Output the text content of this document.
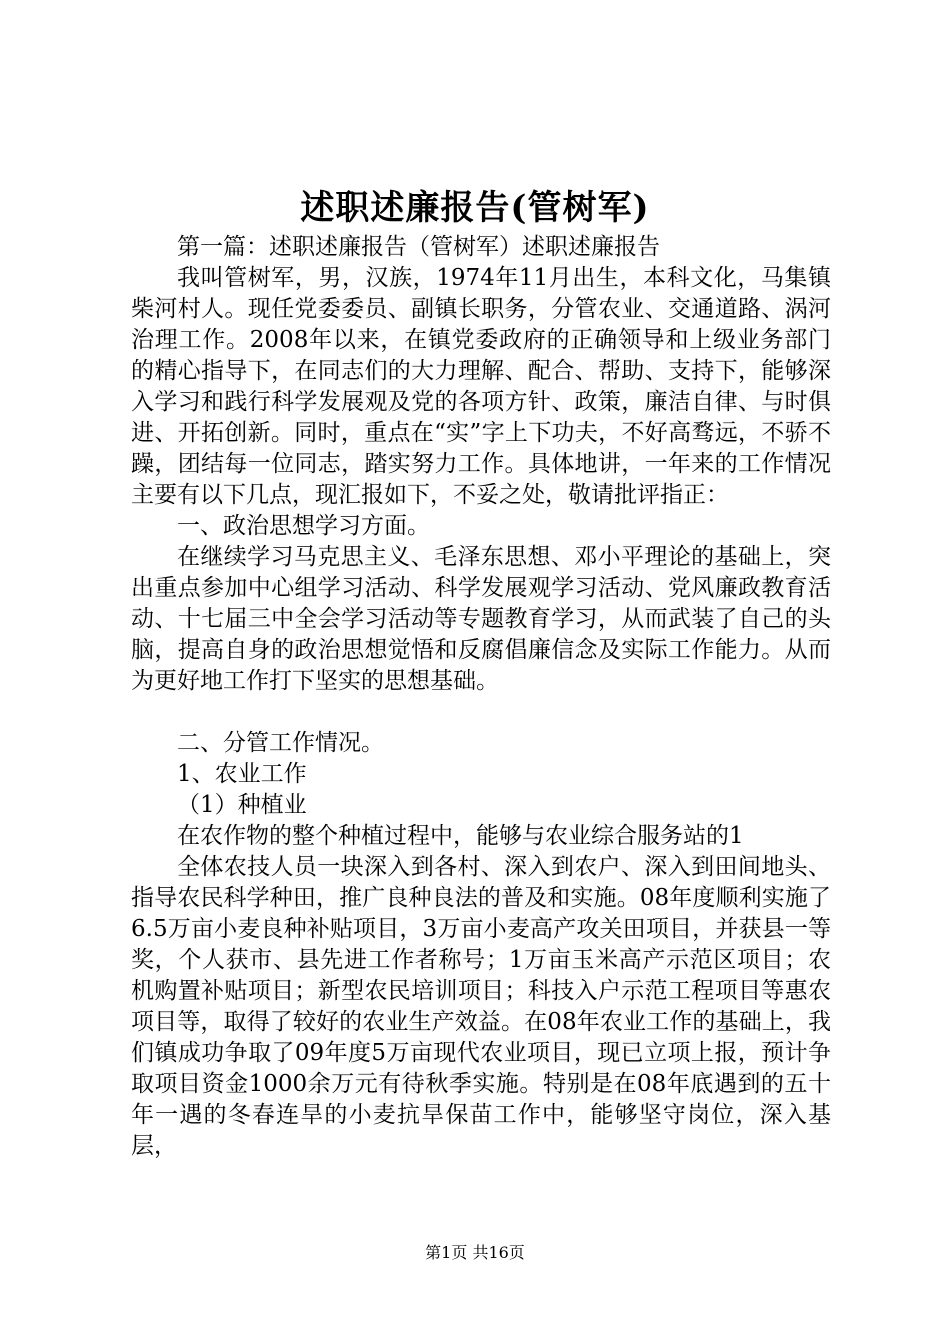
述职述廉报告(管树军)

第一篇：述职述廉报告（管树军）述职述廉报告

我叫管树军，男，汉族，1974年11月出生，本科文化，马集镇柴河村人。现任党委委员、副镇长职务，分管农业、交通道路、涡河治理工作。2008年以来，在镇党委政府的正确领导和上级业务部门的精心指导下，在同志们的大力理解、配合、帮助、支持下，能够深入学习和践行科学发展观及党的各项方针、政策，廉洁自律、与时俱进、开拓创新。同时，重点在“实”字上下功夫，不好高骛远，不骄不躁，团结每一位同志，踏实努力工作。具体地讲，一年来的工作情况主要有以下几点，现汇报如下，不妥之处，敬请批评指正：

一、政治思想学习方面。

在继续学习马克思主义、毛泽东思想、邓小平理论的基础上，突出重点参加中心组学习活动、科学发展观学习活动、党风廉政教育活动、十七届三中全会学习活动等专题教育学习，从而武装了自己的头脑，提高自身的政治思想觉悟和反腐倡廉信念及实际工作能力。从而为更好地工作打下坚实的思想基础。

二、分管工作情况。

1、农业工作

（1）种植业

在农作物的整个种植过程中，能够与农业综合服务站的1

全体农技人员一块深入到各村、深入到农户、深入到田间地头、指导农民科学种田，推广良种良法的普及和实施。08年度顺利实施了6.5万亩小麦良种补贴项目，3万亩小麦高产攻关田项目，并获县一等奖，个人获市、县先进工作者称号；1万亩玉米高产示范区项目；农机购置补贴项目；新型农民培训项目；科技入户示范工程项目等惠农项目等，取得了较好的农业生产效益。在08年农业工作的基础上，我们镇成功争取了09年度5万亩现代农业项目，现已立项上报，预计争取项目资金1000余万元有待秋季实施。特别是在08年底遇到的五十年一遇的冬春连旱的小麦抗旱保苗工作中，能够坚守岗位，深入基层，

第1页 共16页
